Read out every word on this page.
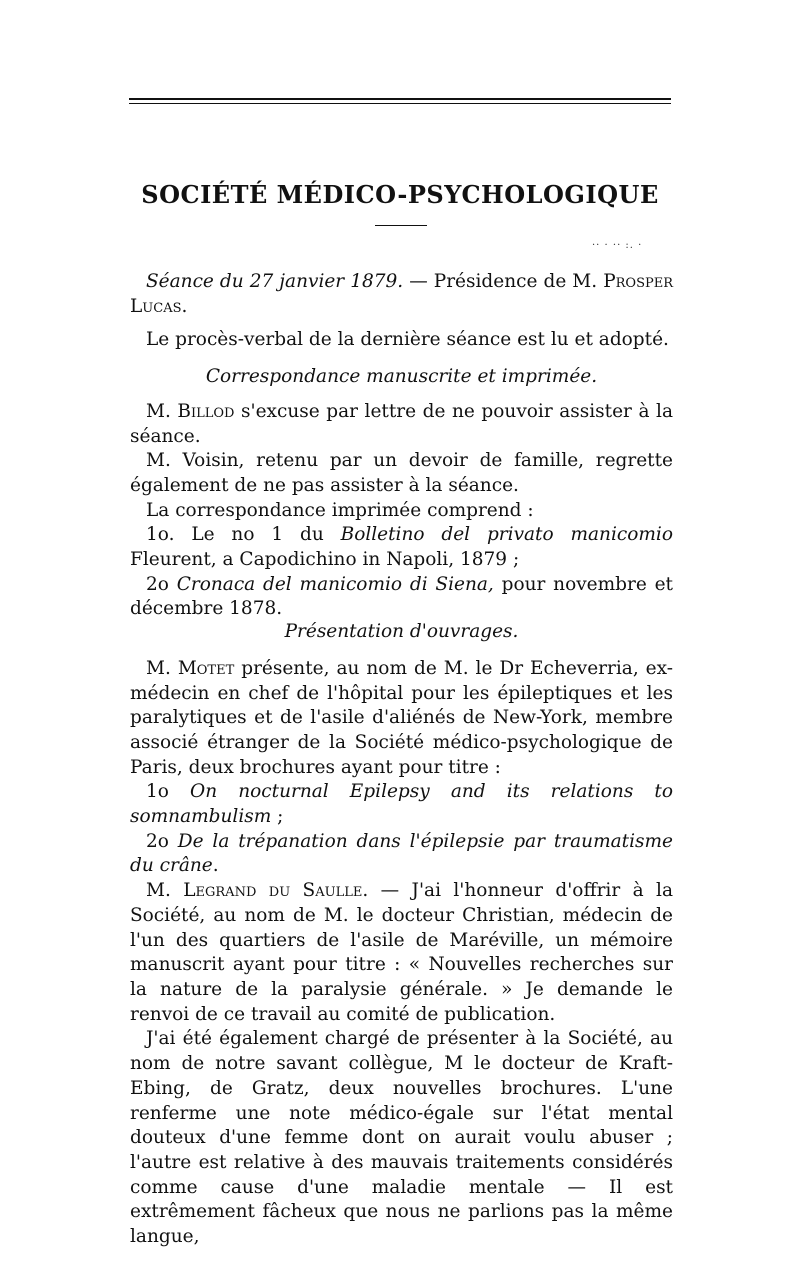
SOCIÉTÉ MÉDICO-PSYCHOLOGIQUE
·· · ·· :. ·

Séance du 27 janvier 1879. — Présidence de M. Prosper Lucas.

Le procès-verbal de la dernière séance est lu et adopté.

Correspondance manuscrite et imprimée.

M. Billod s'excuse par lettre de ne pouvoir assister à la séance.

M. Voisin, retenu par un devoir de famille, regrette également de ne pas assister à la séance.

La correspondance imprimée comprend :

1o. Le no 1 du Bolletino del privato manicomio Fleurent, a Capodichino in Napoli, 1879 ;

2o Cronaca del manicomio di Siena, pour novembre et décembre 1878.

Présentation d'ouvrages.

M. Motet présente, au nom de M. le Dr Echeverria, ex-médecin en chef de l'hôpital pour les épileptiques et les paralytiques et de l'asile d'aliénés de New-York, membre associé étranger de la Société médico-psychologique de Paris, deux brochures ayant pour titre :

1o On nocturnal Epilepsy and its relations to somnambulism ;

2o De la trépanation dans l'épilepsie par traumatisme du crâne.

M. Legrand du Saulle. — J'ai l'honneur d'offrir à la Société, au nom de M. le docteur Christian, médecin de l'un des quartiers de l'asile de Maréville, un mémoire manuscrit ayant pour titre : « Nouvelles recherches sur la nature de la paralysie générale. » Je demande le renvoi de ce travail au comité de publication.

J'ai été également chargé de présenter à la Société, au nom de notre savant collègue, M le docteur de Kraft-Ebing, de Gratz, deux nouvelles brochures. L'une renferme une note médico-égale sur l'état mental douteux d'une femme dont on aurait voulu abuser ; l'autre est relative à des mauvais traitements considérés comme cause d'une maladie mentale — Il est extrêmement fâcheux que nous ne parlions pas la même langue,
